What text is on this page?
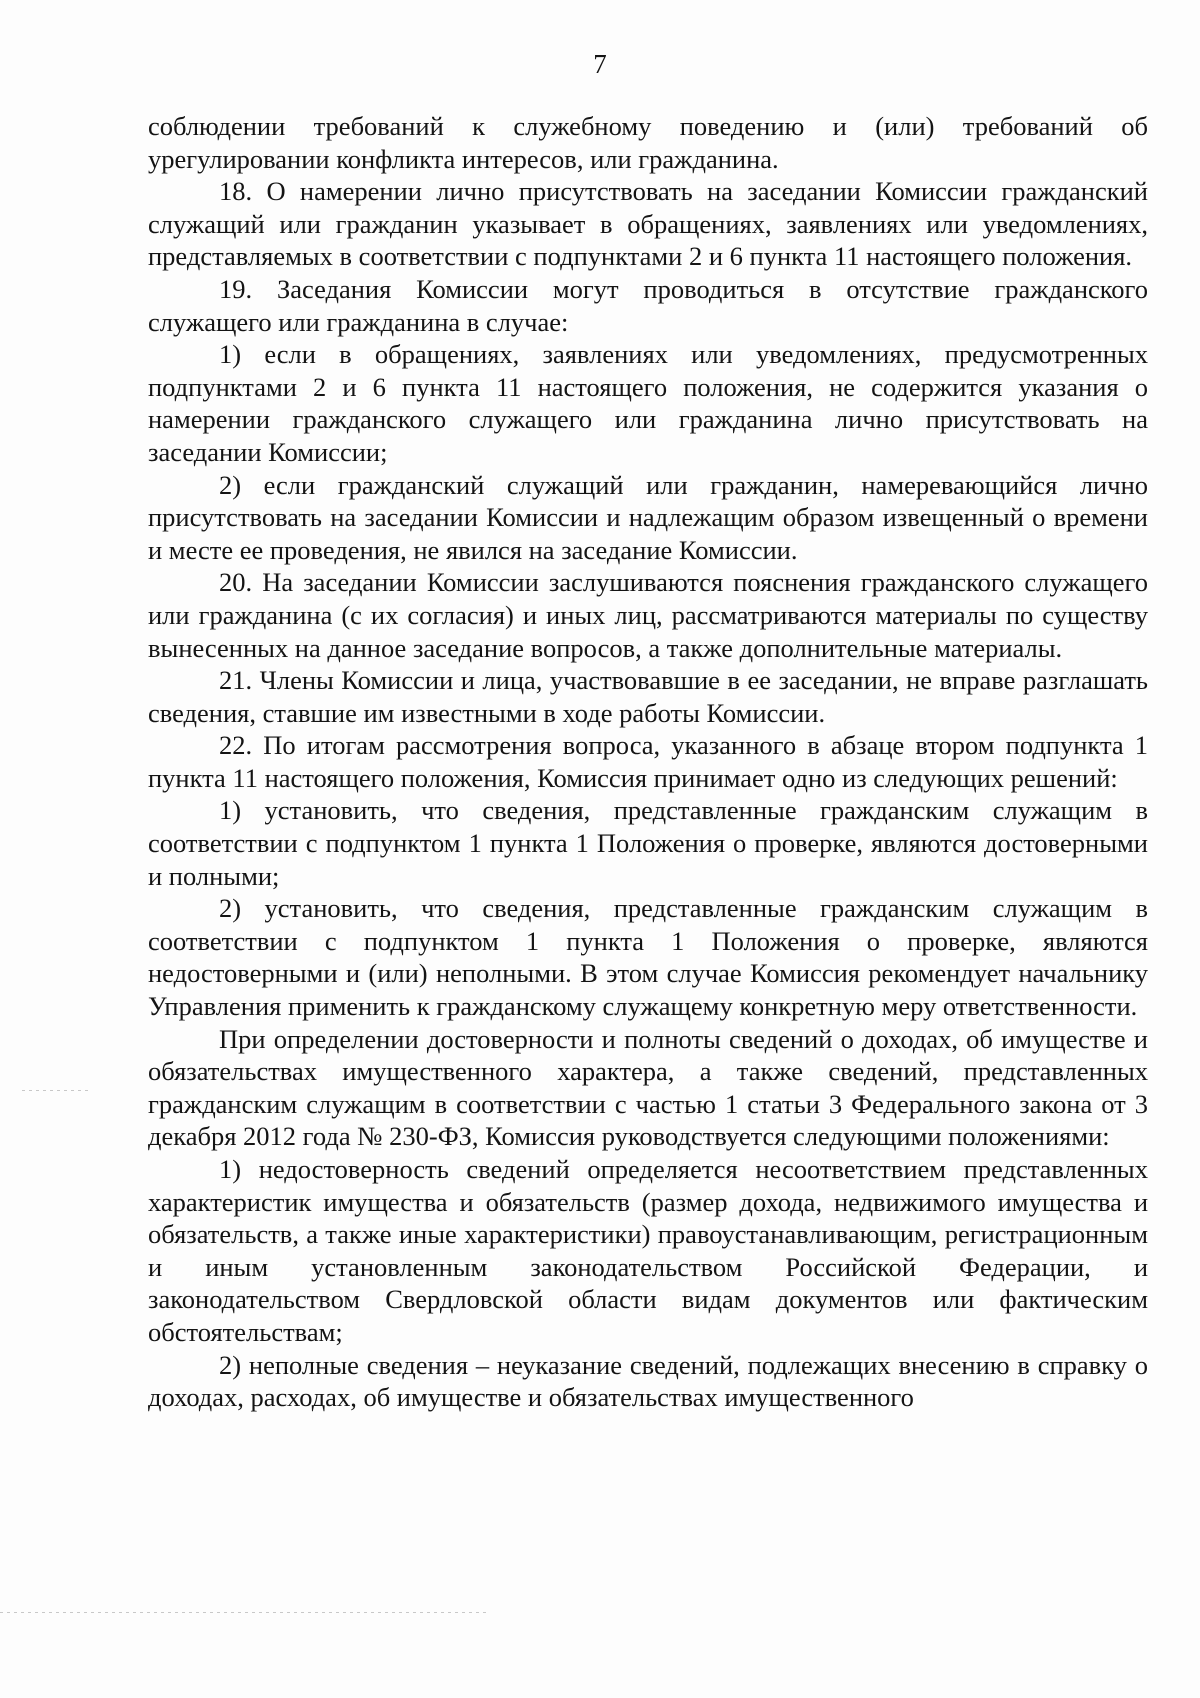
7

соблюдении требований к служебному поведению и (или) требований об урегулировании конфликта интересов, или гражданина.

18. О намерении лично присутствовать на заседании Комиссии гражданский служащий или гражданин указывает в обращениях, заявлениях или уведомлениях, представляемых в соответствии с подпунктами 2 и 6 пункта 11 настоящего положения.

19. Заседания Комиссии могут проводиться в отсутствие гражданского служащего или гражданина в случае:

1) если в обращениях, заявлениях или уведомлениях, предусмотренных подпунктами 2 и 6 пункта 11 настоящего положения, не содержится указания о намерении гражданского служащего или гражданина лично присутствовать на заседании Комиссии;

2) если гражданский служащий или гражданин, намеревающийся лично присутствовать на заседании Комиссии и надлежащим образом извещенный о времени и месте ее проведения, не явился на заседание Комиссии.

20. На заседании Комиссии заслушиваются пояснения гражданского служащего или гражданина (с их согласия) и иных лиц, рассматриваются материалы по существу вынесенных на данное заседание вопросов, а также дополнительные материалы.

21. Члены Комиссии и лица, участвовавшие в ее заседании, не вправе разглашать сведения, ставшие им известными в ходе работы Комиссии.

22. По итогам рассмотрения вопроса, указанного в абзаце втором подпункта 1 пункта 11 настоящего положения, Комиссия принимает одно из следующих решений:

1) установить, что сведения, представленные гражданским служащим в соответствии с подпунктом 1 пункта 1 Положения о проверке, являются достоверными и полными;

2) установить, что сведения, представленные гражданским служащим в соответствии с подпунктом 1 пункта 1 Положения о проверке, являются недостоверными и (или) неполными. В этом случае Комиссия рекомендует начальнику Управления применить к гражданскому служащему конкретную меру ответственности.

При определении достоверности и полноты сведений о доходах, об имуществе и обязательствах имущественного характера, а также сведений, представленных гражданским служащим в соответствии с частью 1 статьи 3 Федерального закона от 3 декабря 2012 года № 230-ФЗ, Комиссия руководствуется следующими положениями:

1) недостоверность сведений определяется несоответствием представленных характеристик имущества и обязательств (размер дохода, недвижимого имущества и обязательств, а также иные характеристики) правоустанавливающим, регистрационным и иным установленным законодательством Российской Федерации, и законодательством Свердловской области видам документов или фактическим обстоятельствам;

2) неполные сведения – неуказание сведений, подлежащих внесению в справку о доходах, расходах, об имуществе и обязательствах имущественного
